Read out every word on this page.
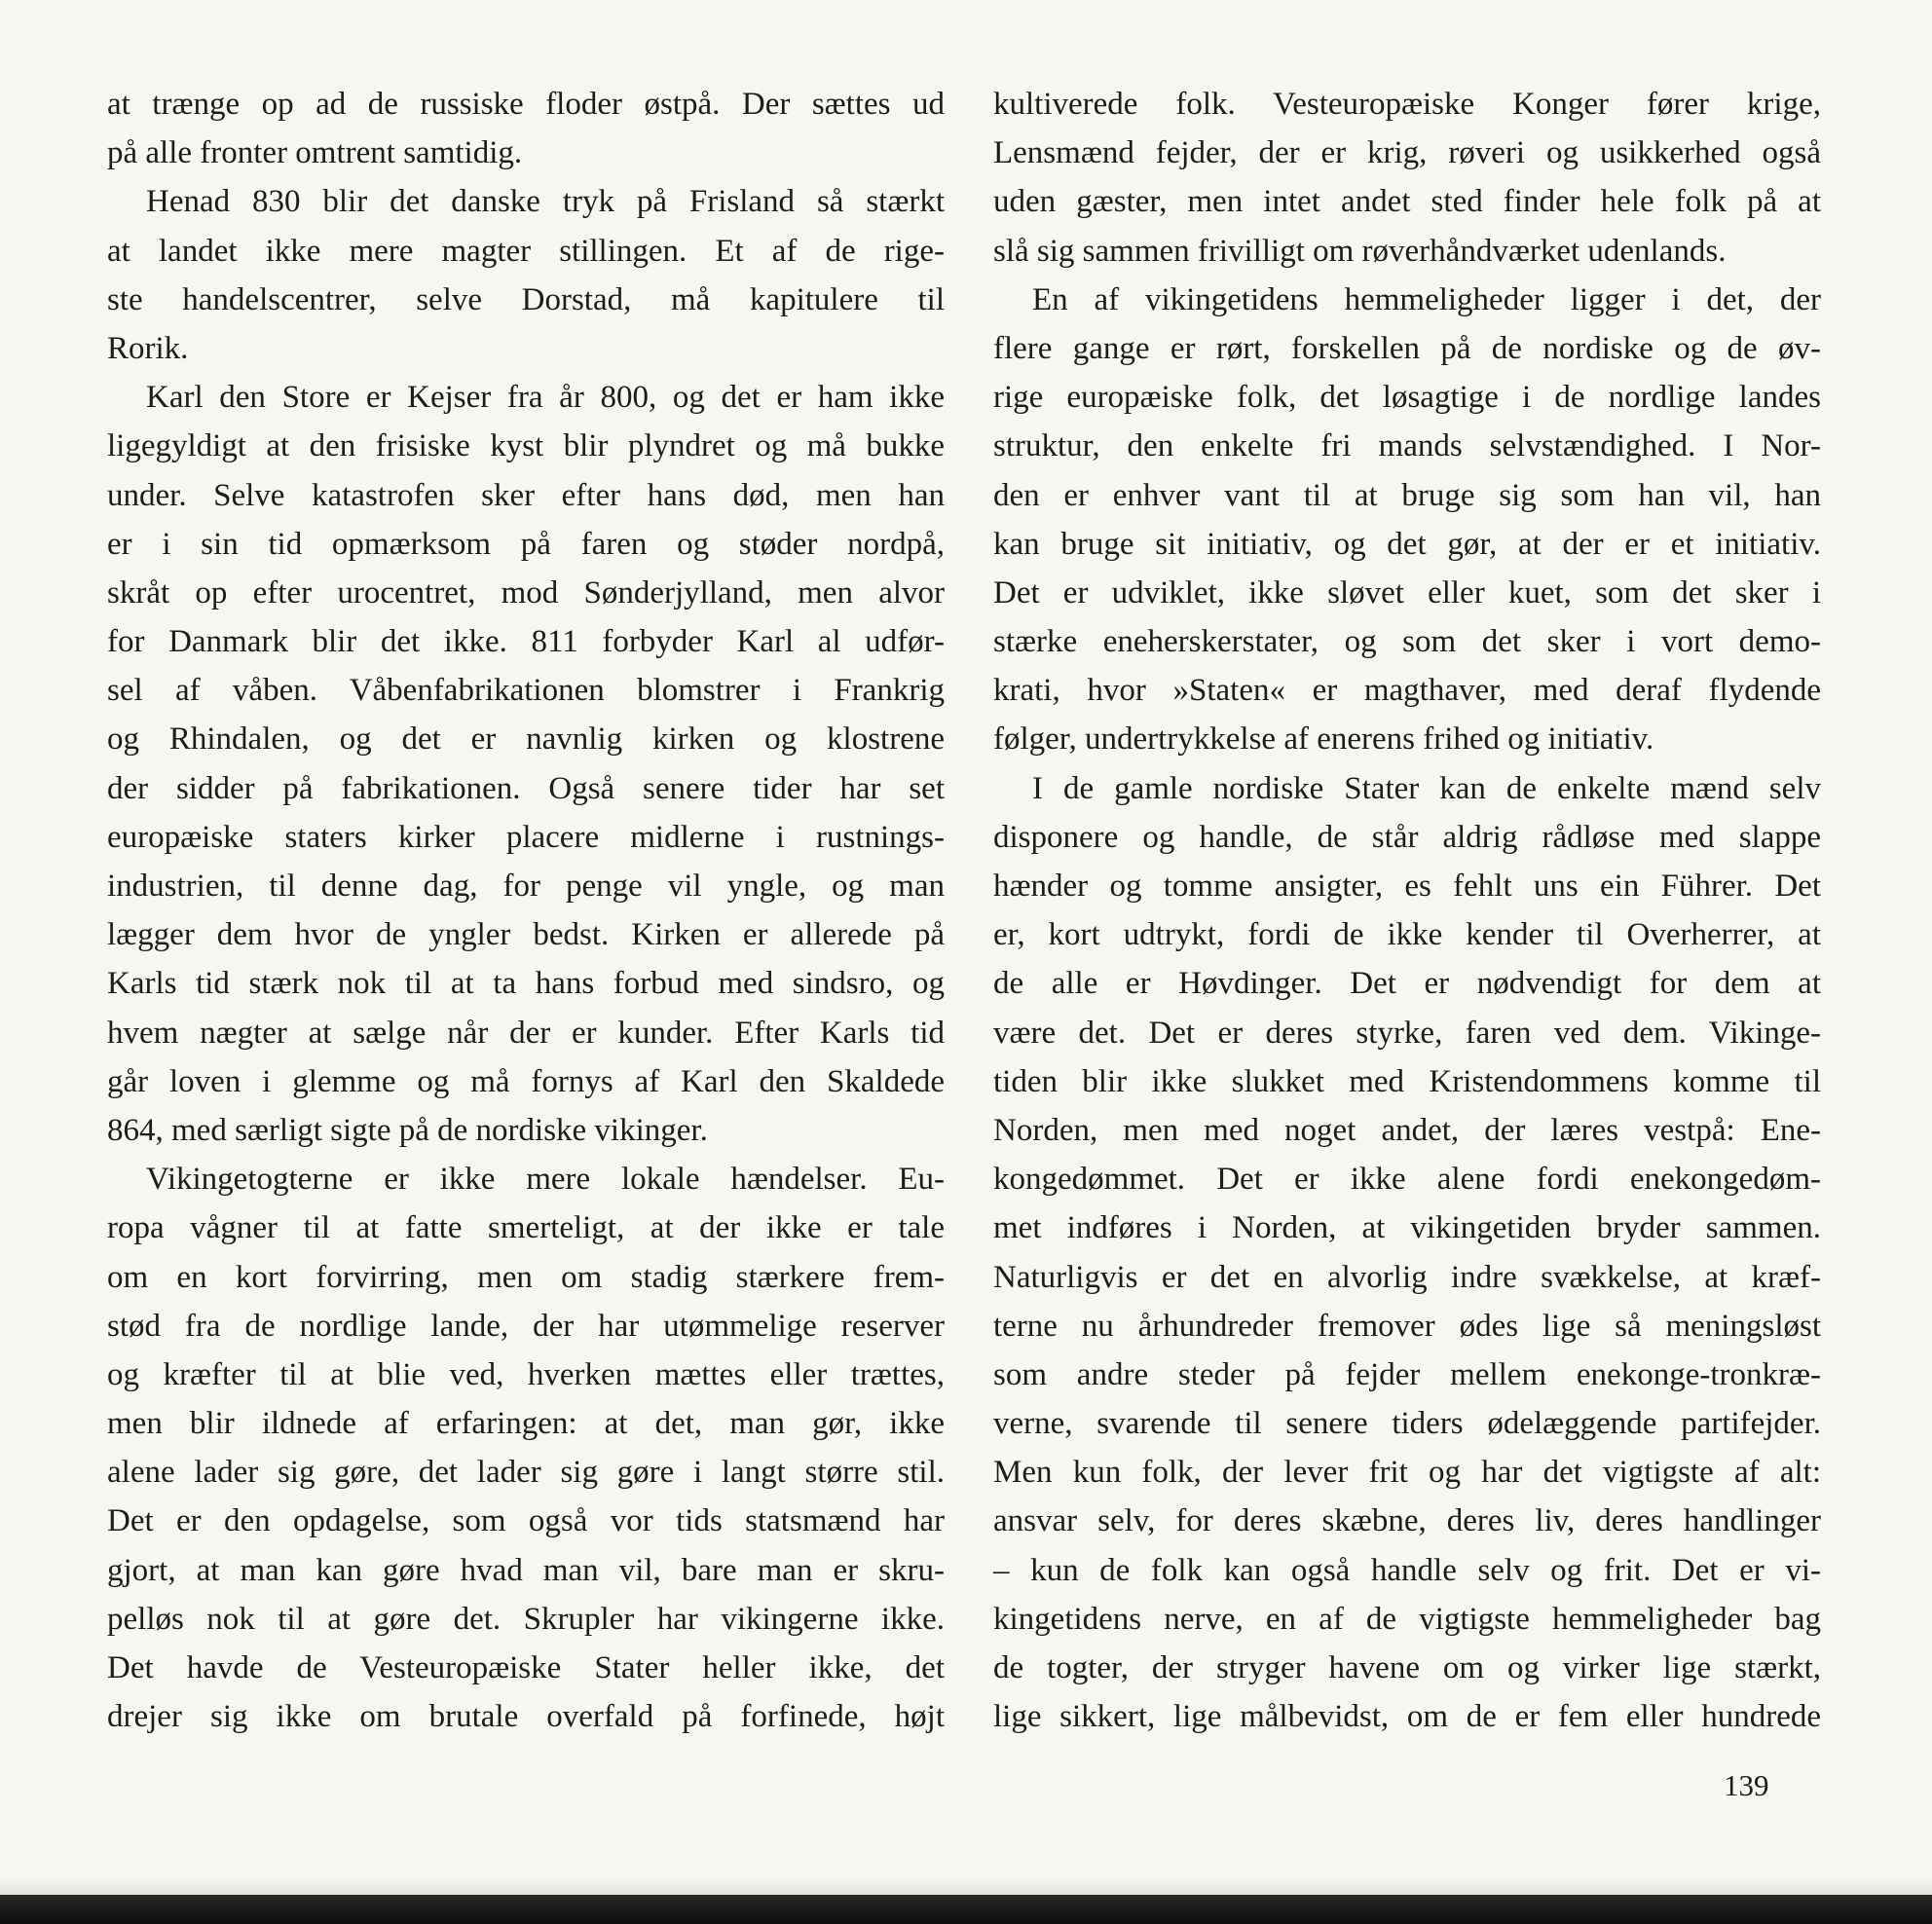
at trænge op ad de russiske floder østpå. Der sættes ud
på alle fronter omtrent samtidig.
Henad 830 blir det danske tryk på Frisland så stærkt
at landet ikke mere magter stillingen. Et af de rige-
ste handelscentrer, selve Dorstad, må kapitulere til
Rorik.
Karl den Store er Kejser fra år 800, og det er ham ikke
ligegyldigt at den frisiske kyst blir plyndret og må bukke
under. Selve katastrofen sker efter hans død, men han
er i sin tid opmærksom på faren og støder nordpå,
skråt op efter urocentret, mod Sønderjylland, men alvor
for Danmark blir det ikke. 811 forbyder Karl al udfør-
sel af våben. Våbenfabrikationen blomstrer i Frankrig
og Rhindalen, og det er navnlig kirken og klostrene
der sidder på fabrikationen. Også senere tider har set
europæiske staters kirker placere midlerne i rustnings-
industrien, til denne dag, for penge vil yngle, og man
lægger dem hvor de yngler bedst. Kirken er allerede på
Karls tid stærk nok til at ta hans forbud med sindsro, og
hvem nægter at sælge når der er kunder. Efter Karls tid
går loven i glemme og må fornys af Karl den Skaldede
864, med særligt sigte på de nordiske vikinger.
Vikingetogterne er ikke mere lokale hændelser. Eu-
ropa vågner til at fatte smerteligt, at der ikke er tale
om en kort forvirring, men om stadig stærkere frem-
stød fra de nordlige lande, der har utømmelige reserver
og kræfter til at blie ved, hverken mættes eller trættes,
men blir ildnede af erfaringen: at det, man gør, ikke
alene lader sig gøre, det lader sig gøre i langt større stil.
Det er den opdagelse, som også vor tids statsmænd har
gjort, at man kan gøre hvad man vil, bare man er skru-
pelløs nok til at gøre det. Skrupler har vikingerne ikke.
Det havde de Vesteuropæiske Stater heller ikke, det
drejer sig ikke om brutale overfald på forfinede, højt
kultiverede folk. Vesteuropæiske Konger fører krige,
Lensmænd fejder, der er krig, røveri og usikkerhed også
uden gæster, men intet andet sted finder hele folk på at
slå sig sammen frivilligt om røverhåndværket udenlands.
En af vikingetidens hemmeligheder ligger i det, der
flere gange er rørt, forskellen på de nordiske og de øv-
rige europæiske folk, det løsagtige i de nordlige landes
struktur, den enkelte fri mands selvstændighed. I Nor-
den er enhver vant til at bruge sig som han vil, han
kan bruge sit initiativ, og det gør, at der er et initiativ.
Det er udviklet, ikke sløvet eller kuet, som det sker i
stærke eneherskerstater, og som det sker i vort demo-
krati, hvor »Staten« er magthaver, med deraf flydende
følger, undertrykkelse af enerens frihed og initiativ.
I de gamle nordiske Stater kan de enkelte mænd selv
disponere og handle, de står aldrig rådløse med slappe
hænder og tomme ansigter, es fehlt uns ein Führer. Det
er, kort udtrykt, fordi de ikke kender til Overherrer, at
de alle er Høvdinger. Det er nødvendigt for dem at
være det. Det er deres styrke, faren ved dem. Vikinge-
tiden blir ikke slukket med Kristendommens komme til
Norden, men med noget andet, der læres vestpå: Ene-
kongedømmet. Det er ikke alene fordi enekongedøm-
met indføres i Norden, at vikingetiden bryder sammen.
Naturligvis er det en alvorlig indre svækkelse, at kræf-
terne nu århundreder fremover ødes lige så meningsløst
som andre steder på fejder mellem enekonge-tronkræ-
verne, svarende til senere tiders ødelæggende partifejder.
Men kun folk, der lever frit og har det vigtigste af alt:
ansvar selv, for deres skæbne, deres liv, deres handlinger
– kun de folk kan også handle selv og frit. Det er vi-
kingetidens nerve, en af de vigtigste hemmeligheder bag
de togter, der stryger havene om og virker lige stærkt,
lige sikkert, lige målbevidst, om de er fem eller hundrede
139
